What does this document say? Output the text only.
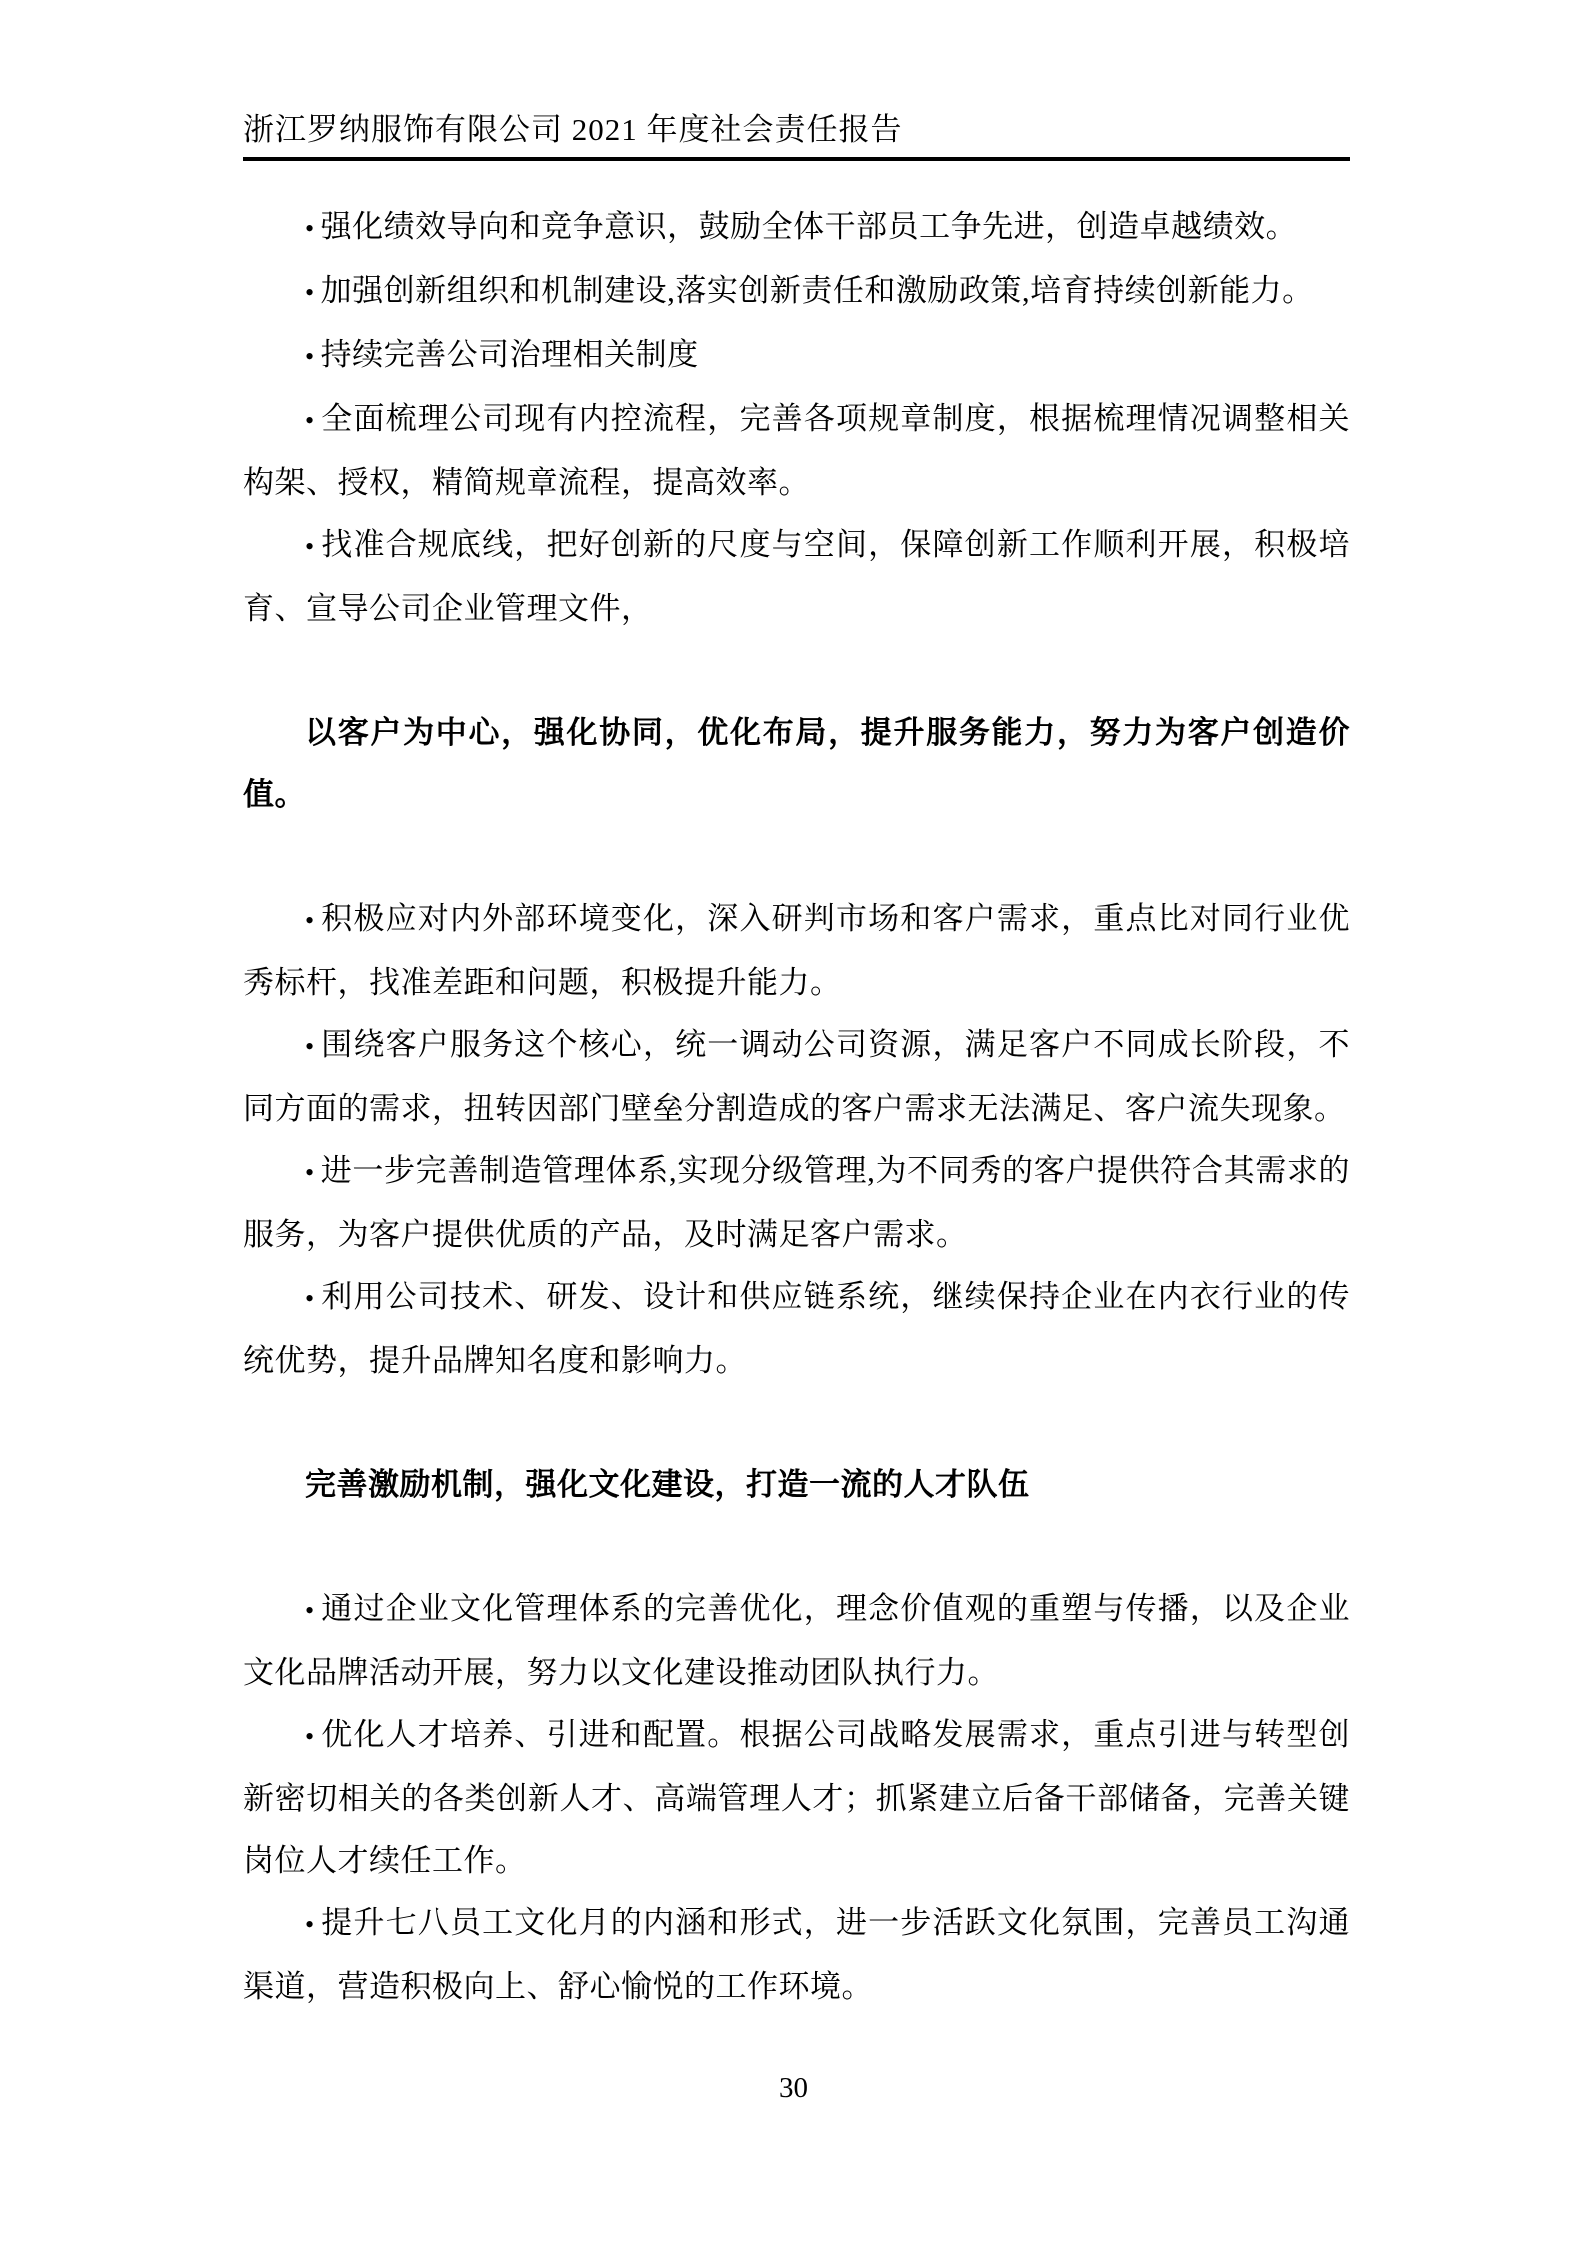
浙江罗纳服饰有限公司 2021 年度社会责任报告

• 强化绩效导向和竞争意识，鼓励全体干部员工争先进，创造卓越绩效。

• 加强创新组织和机制建设,落实创新责任和激励政策,培育持续创新能力。

• 持续完善公司治理相关制度

• 全面梳理公司现有内控流程，完善各项规章制度，根据梳理情况调整相关构架、授权，精简规章流程，提高效率。

• 找准合规底线，把好创新的尺度与空间，保障创新工作顺利开展，积极培育、宣导公司企业管理文件，

以客户为中心，强化协同，优化布局，提升服务能力，努力为客户创造价值。

• 积极应对内外部环境变化，深入研判市场和客户需求，重点比对同行业优秀标杆，找准差距和问题，积极提升能力。

• 围绕客户服务这个核心，统一调动公司资源，满足客户不同成长阶段，不同方面的需求，扭转因部门壁垒分割造成的客户需求无法满足、客户流失现象。

• 进一步完善制造管理体系,实现分级管理,为不同秀的客户提供符合其需求的服务，为客户提供优质的产品，及时满足客户需求。

• 利用公司技术、研发、设计和供应链系统，继续保持企业在内衣行业的传统优势，提升品牌知名度和影响力。

完善激励机制，强化文化建设，打造一流的人才队伍

• 通过企业文化管理体系的完善优化，理念价值观的重塑与传播，以及企业文化品牌活动开展，努力以文化建设推动团队执行力。

• 优化人才培养、引进和配置。根据公司战略发展需求，重点引进与转型创新密切相关的各类创新人才、高端管理人才；抓紧建立后备干部储备，完善关键岗位人才续任工作。

• 提升七八员工文化月的内涵和形式，进一步活跃文化氛围，完善员工沟通渠道，营造积极向上、舒心愉悦的工作环境。

30
